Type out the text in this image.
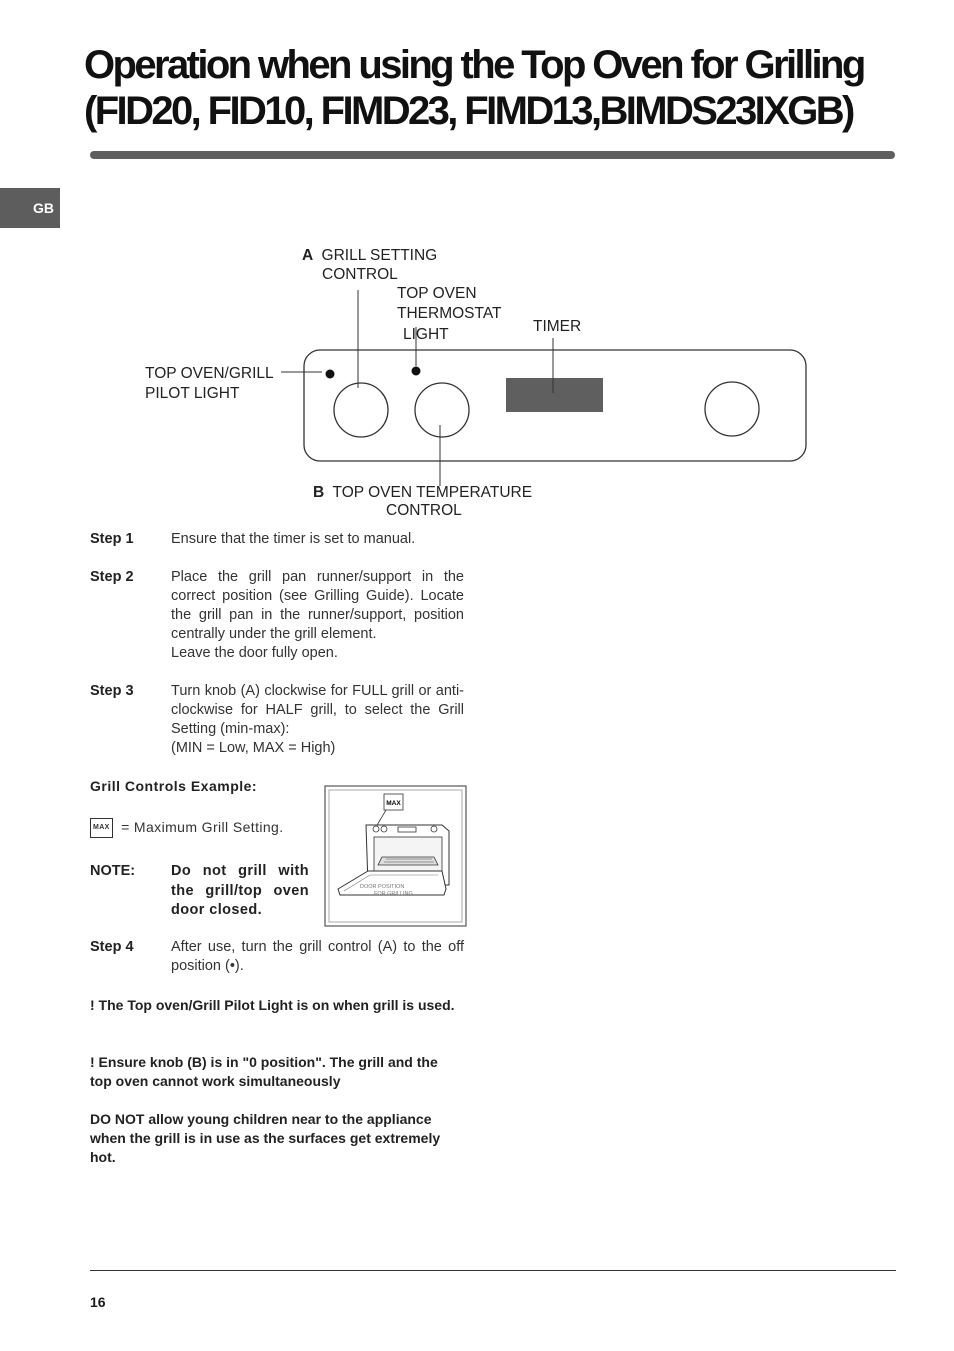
Operation when using the Top Oven for Grilling
(FID20, FID10, FIMD23, FIMD13,BIMDS23IXGB)
GB
A GRILL SETTING
CONTROL
TOP OVEN
THERMOSTAT
LIGHT	TIMER
TOP OVEN/GRILL
PILOT LIGHT
B TOP OVEN TEMPERATURE
CONTROL
Step 1	Ensure that the timer is set to manual.
Step 2	Place the grill pan runner/support in the correct position (see Grilling Guide). Locate the grill pan in the runner/support, position centrally under the grill element.

Leave the door fully open.

Step 3	Turn knob (A) clockwise for FULL grill or anti-clockwise for HALF grill, to select the Grill Setting (min-max):

(MIN = Low, MAX = High)

Grill Controls Example:
MAX = Maximum Grill Setting.
NOTE: Do not grill with the grill/top oven door closed.
MAX
DOOR POSITION
FOR GRILLING
Step 4	After use, turn the grill control (A) to the off position (•).
! The Top oven/Grill Pilot Light is on when grill is used.
! Ensure knob (B) is in "0 position". The grill and the top oven cannot work simultaneously
DO NOT allow young children near to the appliance when the grill is in use as the surfaces get extremely hot.
16
